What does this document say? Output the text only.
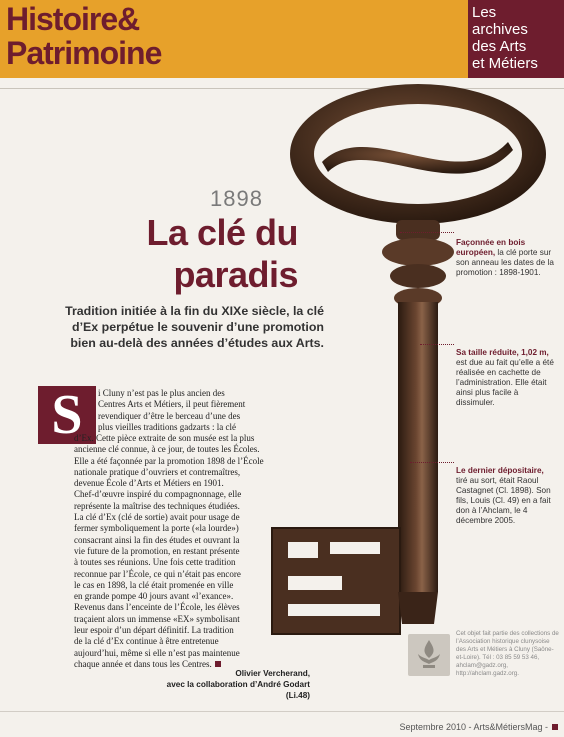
Histoire&
Patrimoine
Les
archives
des Arts
et Métiers
1898
La clé du
paradis
Tradition initiée à la fin du XIXe siècle, la clé d’Ex perpétue le souvenir d’une promotion bien au-delà des années d’études aux Arts.
S	i Cluny n’est pas le plus ancien des
Centres Arts et Métiers, il peut fièrement
revendiquer d’être le berceau d’une des
plus vieilles traditions gadzarts : la clé
d’Ex. Cette pièce extraite de son musée est la plus
ancienne clé connue, à ce jour, de toutes les Écoles.
Elle a été façonnée par la promotion 1898 de l’École
nationale pratique d’ouvriers et contremaîtres,
devenue École d’Arts et Métiers en 1901.
Chef-d’œuvre inspiré du compagnonnage, elle
représente la maîtrise des techniques étudiées.
La clé d’Ex (clé de sortie) avait pour usage de
fermer symboliquement la porte («la lourde»)
consacrant ainsi la fin des études et ouvrant la
vie future de la promotion, en restant présente
à toutes ses réunions. Une fois cette tradition
reconnue par l’École, ce qui n’était pas encore
le cas en 1898, la clé était promenée en ville
en grande pompe 40 jours avant «l’exance».
Revenus dans l’enceinte de l’École, les élèves
traçaient alors un immense «EX» symbolisant
leur espoir d’un départ définitif. La tradition
de la clé d’Ex continue à être entretenue
aujourd’hui, même si elle n’est pas maintenue
chaque année et dans tous les Centres.
Olivier Vercherand,
avec la collaboration d’André Godart (Li.48)
Façonnée en bois européen, la clé porte sur son anneau les dates de la promotion : 1898-1901.
Sa taille réduite, 1,02 m, est due au fait qu’elle a été réalisée en cachette de l’administration. Elle était ainsi plus facile à dissimuler.
Le dernier dépositaire, tiré au sort, était Raoul Castagnet (Cl. 1898). Son fils, Louis (Cl. 49) en a fait don à l’Ahclam, le 4 décembre 2005.
Cet objet fait partie des collections de l’Association historique clunysoise des Arts et Métiers à Cluny (Saône-et-Loire). Tél : 03 85 59 53 46, ahclam@gadz.org, http://ahclam.gadz.org.
Septembre 2010 - Arts&MétiersMag -
